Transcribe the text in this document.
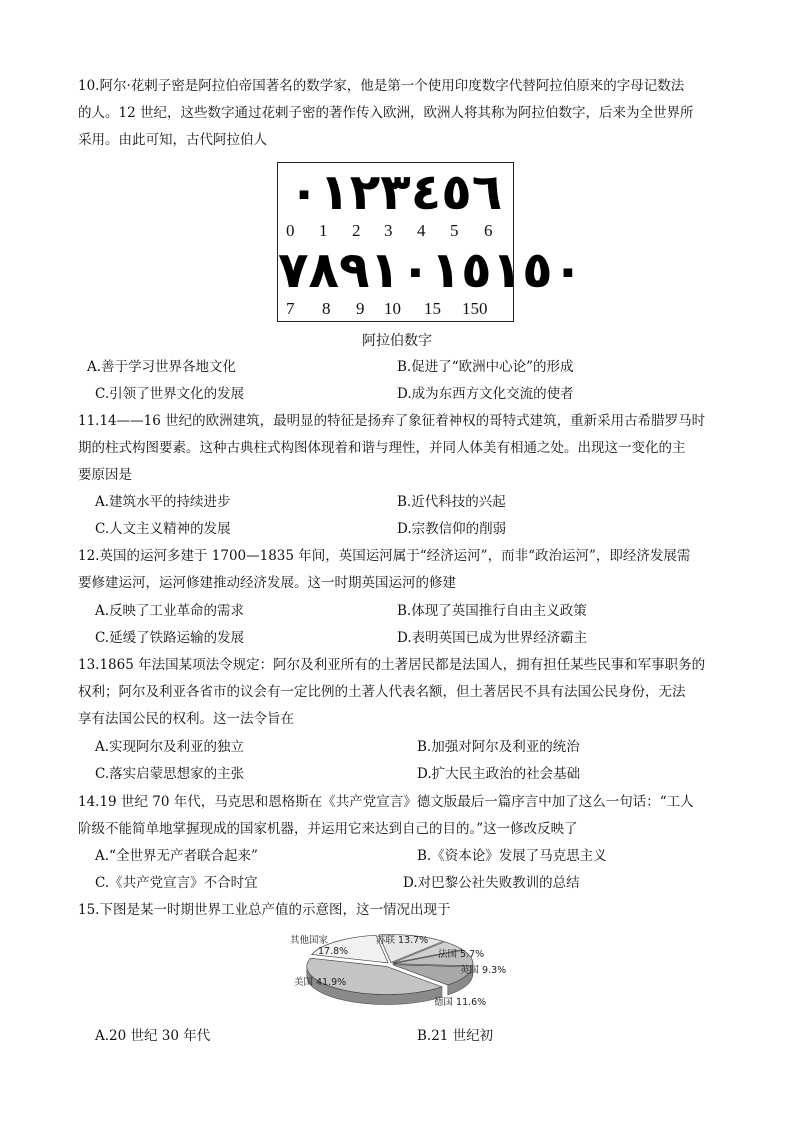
10.阿尔·花剌子密是阿拉伯帝国著名的数学家，他是第一个使用印度数字代替阿拉伯原来的字母记数法
的人。12 世纪，这些数字通过花剌子密的著作传入欧洲，欧洲人将其称为阿拉伯数字，后来为全世界所
采用。由此可知，古代阿拉伯人
٠١٢٣٤٥٦
0 1 2 3 4 5 6
٧٨٩١٠١٥١٥٠
7 8 9 10 15 150
阿拉伯数字
A.善于学习世界各地文化	B.促进了“欧洲中心论”的形成
C.引领了世界文化的发展	D.成为东西方文化交流的使者
11.14——16 世纪的欧洲建筑，最明显的特征是扬弃了象征着神权的哥特式建筑，重新采用古希腊罗马时
期的柱式构图要素。这种古典柱式构图体现着和谐与理性，并同人体美有相通之处。出现这一变化的主
要原因是
A.建筑水平的持续进步	B.近代科技的兴起
C.人文主义精神的发展	D.宗教信仰的削弱
12.英国的运河多建于 1700—1835 年间，英国运河属于“经济运河”，而非“政治运河”，即经济发展需
要修建运河，运河修建推动经济发展。这一时期英国运河的修建
A.反映了工业革命的需求	B.体现了英国推行自由主义政策
C.延缓了铁路运输的发展	D.表明英国已成为世界经济霸主
13.1865 年法国某项法令规定：阿尔及利亚所有的土著居民都是法国人，拥有担任某些民事和军事职务的
权利；阿尔及利亚各省市的议会有一定比例的土著人代表名额，但土著居民不具有法国公民身份，无法
享有法国公民的权利。这一法令旨在
A.实现阿尔及利亚的独立	B.加强对阿尔及利亚的统治
C.落实启蒙思想家的主张	D.扩大民主政治的社会基础
14.19 世纪 70 年代，马克思和恩格斯在《共产党宣言》德文版最后一篇序言中加了这么一句话：“工人
阶级不能简单地掌握现成的国家机器，并运用它来达到自己的目的。”这一修改反映了
A.“全世界无产者联合起来”	B.《资本论》发展了马克思主义
C.《共产党宣言》不合时宜	D.对巴黎公社失败教训的总结
15.下图是某一时期世界工业总产值的示意图，这一情况出现于
其他国家
17.8%
苏联 13.7%
法国 5.7%
英国 9.3%
德国 11.6%
美国 41.9%
A.20 世纪 30 年代	B.21 世纪初
